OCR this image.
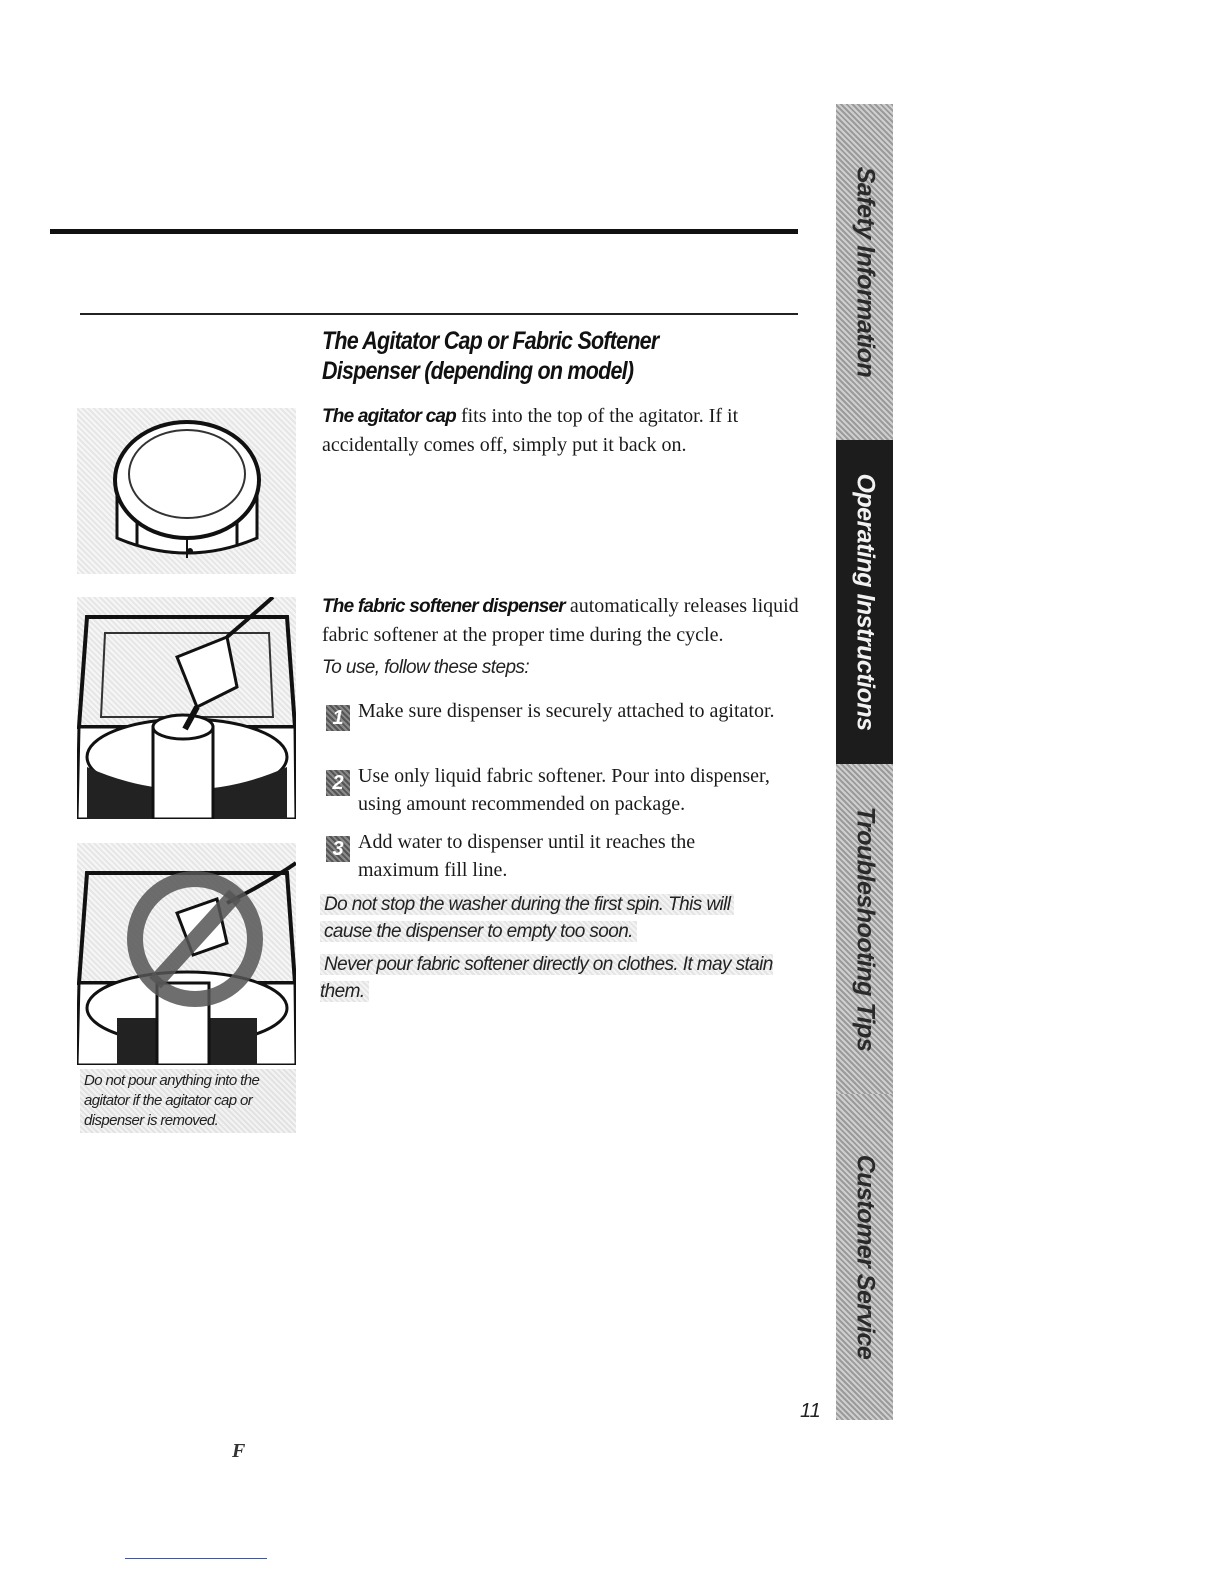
The Agitator Cap or Fabric Softener Dispenser (depending on model)
The agitator cap fits into the top of the agitator. If it accidentally comes off, simply put it back on.
The fabric softener dispenser automatically releases liquid fabric softener at the proper time during the cycle.
To use, follow these steps:
1 Make sure dispenser is securely attached to agitator.
2 Use only liquid fabric softener. Pour into dispenser, using amount recommended on package.
3 Add water to dispenser until it reaches the maximum fill line.
Do not stop the washer during the first spin. This will cause the dispenser to empty too soon.
Never pour fabric softener directly on clothes. It may stain them.
Do not pour anything into the agitator if the agitator cap or dispenser is removed.
Safety Information
Operating Instructions
Troubleshooting Tips
Customer Service
11
F
